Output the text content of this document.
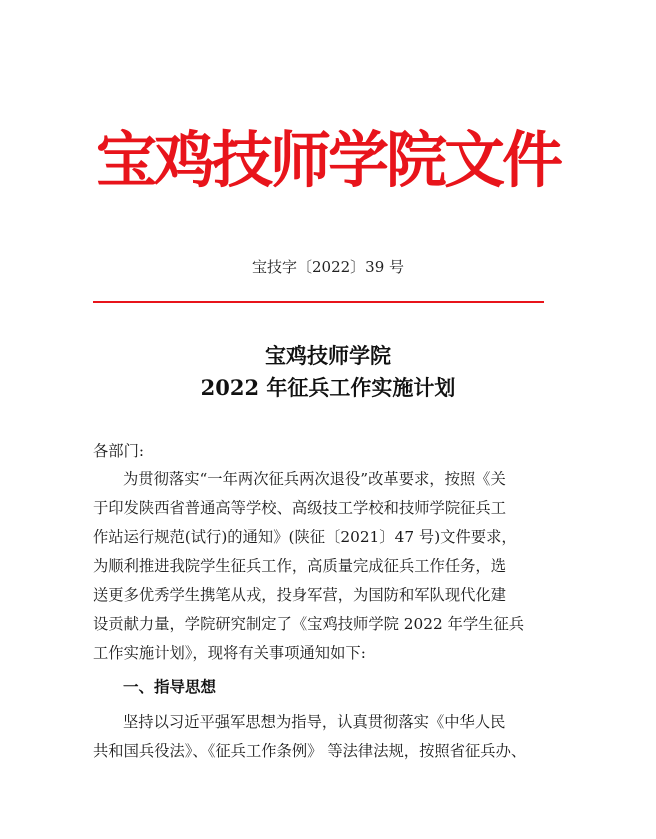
宝鸡技师学院文件
宝技字〔2022〕39 号
宝鸡技师学院
2022 年征兵工作实施计划
各部门:
为贯彻落实“一年两次征兵两次退役”改革要求，按照《关
于印发陕西省普通高等学校、高级技工学校和技师学院征兵工
作站运行规范(试行)的通知》(陕征〔2021〕47 号)文件要求，
为顺利推进我院学生征兵工作，高质量完成征兵工作任务，选
送更多优秀学生携笔从戎，投身军营，为国防和军队现代化建
设贡献力量，学院研究制定了《宝鸡技师学院 2022 年学生征兵
工作实施计划》，现将有关事项通知如下:
一、指导思想
坚持以习近平强军思想为指导，认真贯彻落实《中华人民
共和国兵役法》、《征兵工作条例》 等法律法规，按照省征兵办、
